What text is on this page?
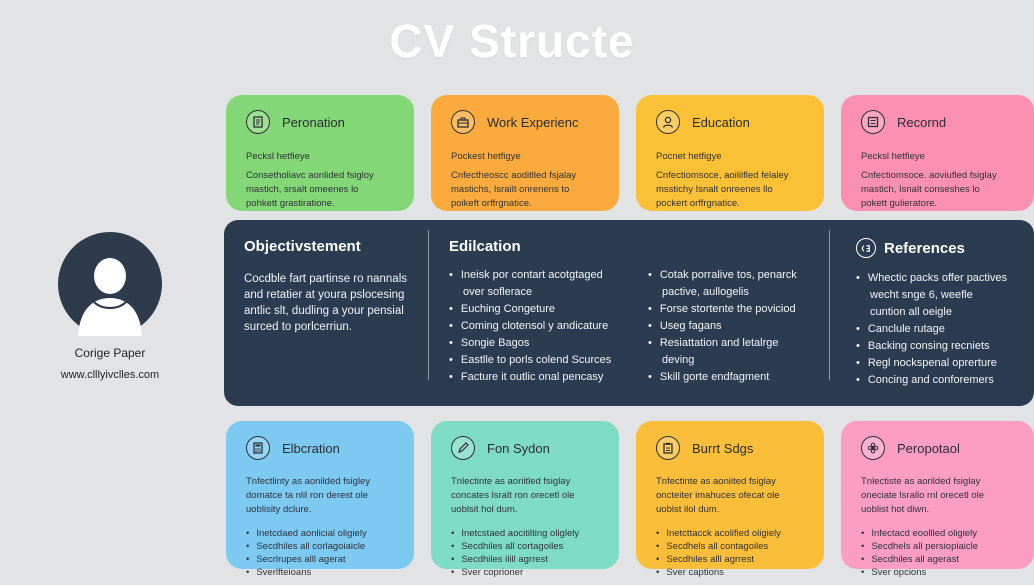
CV Structe
Peronation
Pecksl hetfieye
Consetholiavc aonlided fsigloy
mastich, srsalt omeenes lo
pohkett grastiratione.
Work Experienc
Pockest hetfigye
Cnfectheoscc aoditlled fsjalay
mastichs, Israilt onrenens to
poikeft orffrgnatice.
Education
Pocnet hetfigye
Cnfectiomsoce, aoiliifled felaley
msstichy Isnalt onreenes llo
pockert orffrgnatice.
Recornd
Pecksl hetfieye
Cnfectiomsoce. aoviufled fsiglay
mastich, Isnalt conseshes lo
pokett gulieratore.
Corige Paper
www.clllyivclles.com
Objectivstement
Cocdble fart partinse ro nannals
and retatier at youra pslocesing
antlic slt, dudling a your pensial
surced to porlcerriun.
Edilcation
• Ineisk por contart acotgtaged
over soflerace
• Euching Congeture
• Coming clotensol y andicature
• Songie Bagos
• Eastlle to porls colend Scurces
• Facture it outlic onal pencasy
• Cotak porralive tos, penarck
pactive, aullogelis
• Forse stortente the poviciod
• Useg fagans
• Resiattation and letalrge
deving
• Skill gorte endfagment
References
• Whectic packs offer pactives
wecht snge 6, weefle
cuntion all oeigle
• Canclule rutage
• Backing consing recniets
• Regl nockspenal oprerture
• Concing and conforemers
Elbcration
Tnfectlinty as aonilded fsigley
domatce ta nlil ron derest ole
uoblisity dclure.
• Inetcdaed aonlicial oligiely
• Secdhiles all corlagoiaicle
• Secrlrupes alll agerat
• Sverlfteioans
Fon Sydon
Tnlectinte as aoriitled fsiglay
concates lsralt ron orecetl ole
uoblsit hol dum.
• Inetcstaed aocitilting oliglely
• Secdhiles all cortagoiles
• Secdhiles ilill agrrest
• Sver coprioner
Burrt Sdgs
Tnfectinte as aoniited fsiglay
oncteiter imahuces ofecat ole
uoblst ilol dum.
• Inetcttacck acolified oligiely
• Secdhels all contagoiles
• Secdhiles alll agrrest
• Sver captions
Peropotaol
Tnlectiste as aorilded fsiglay
oneciate lsrallo rnl orecetl ole
uoblist hot diwn.
• Infectacd eoollled oligiely
• Secdhels all persiopiaicle
• Secdhiles all agerast
• Sver opcions
